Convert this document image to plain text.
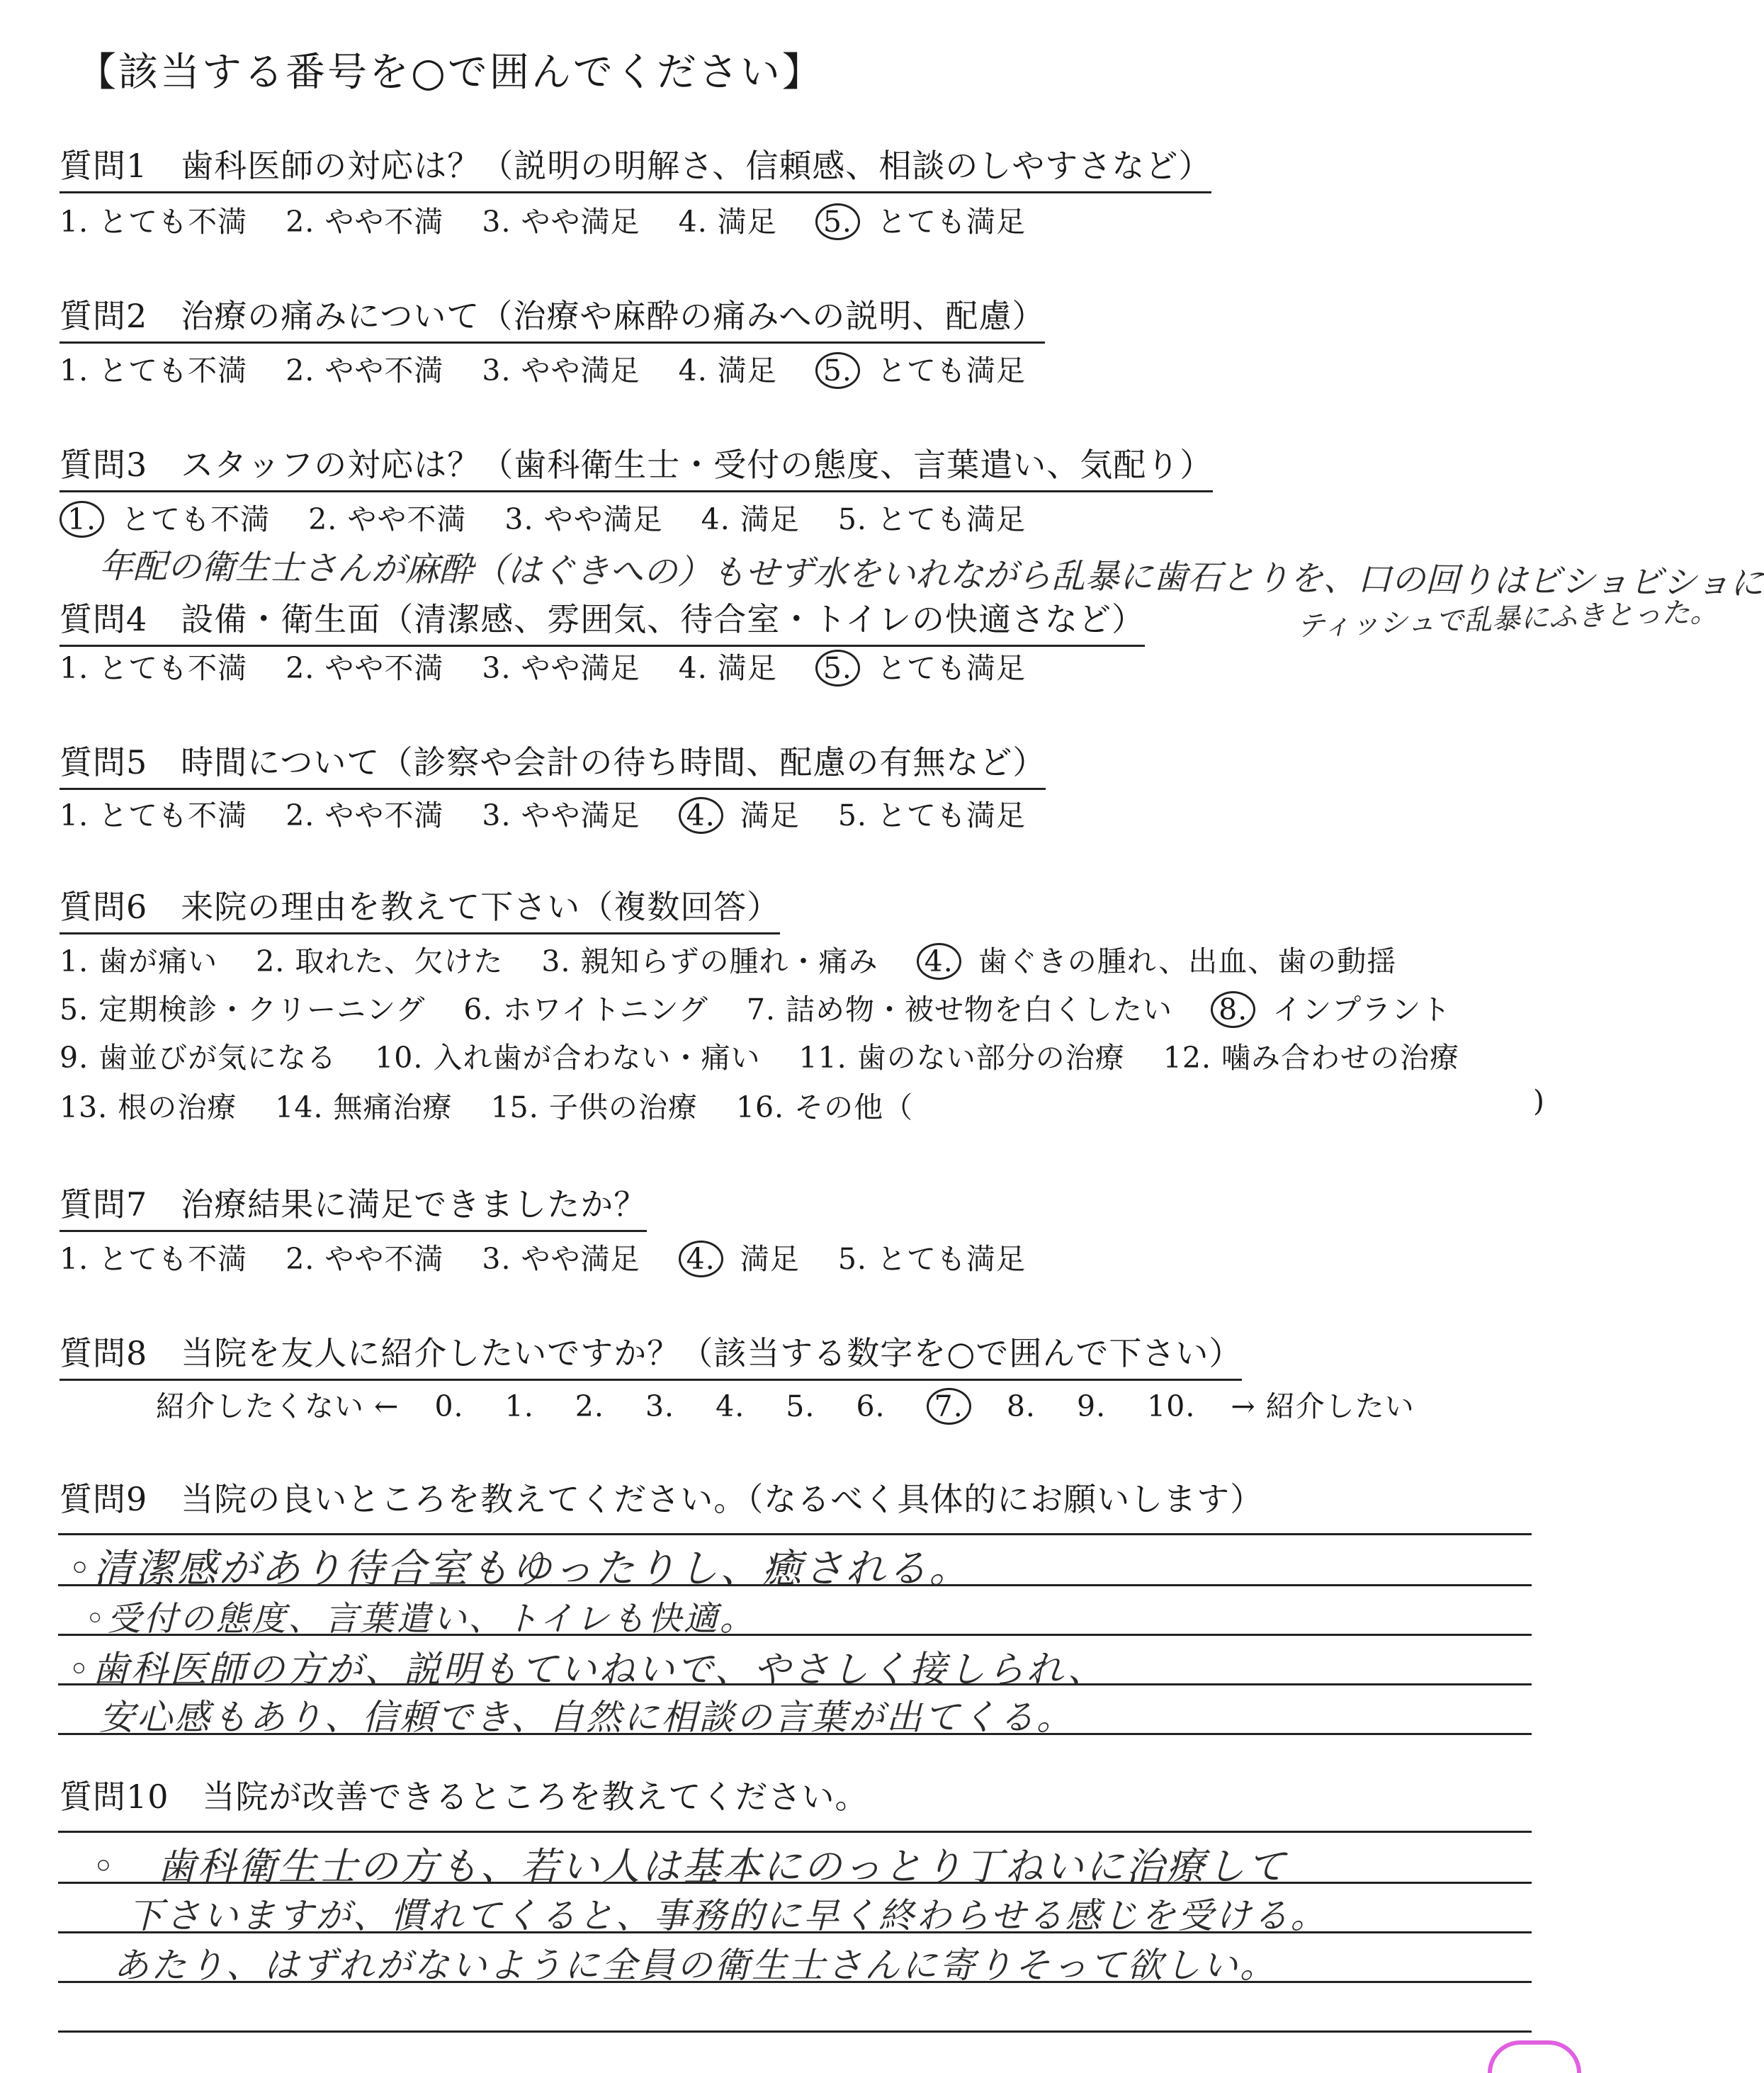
【該当する番号を○で囲んでください】
質問1　歯科医師の対応は？（説明の明解さ、信頼感、相談のしやすさなど）
1. とても不満 2. やや不満 3. やや満足 4. 満足 5. とても満足
質問2　治療の痛みについて（治療や麻酔の痛みへの説明、配慮）
1. とても不満 2. やや不満 3. やや満足 4. 満足 5. とても満足
質問3　スタッフの対応は？（歯科衛生士・受付の態度、言葉遣い、気配り）
1. とても不満 2. やや不満 3. やや満足 4. 満足 5. とても満足
年配の衛生士さんが麻酔（はぐきへの）もせず水をいれながら乱暴に歯石とりを、口の回りはビショビショに
ティッシュで乱暴にふきとった。
質問4　設備・衛生面（清潔感、雰囲気、待合室・トイレの快適さなど）
1. とても不満 2. やや不満 3. やや満足 4. 満足 5. とても満足
質問5　時間について（診察や会計の待ち時間、配慮の有無など）
1. とても不満 2. やや不満 3. やや満足 4. 満足 5. とても満足
質問6　来院の理由を教えて下さい（複数回答）
1. 歯が痛い 2. 取れた、欠けた 3. 親知らずの腫れ・痛み 4. 歯ぐきの腫れ、出血、歯の動揺
5. 定期検診・クリーニング 6. ホワイトニング 7. 詰め物・被せ物を白くしたい 8. インプラント
9. 歯並びが気になる 10. 入れ歯が合わない・痛い 11. 歯のない部分の治療 12. 噛み合わせの治療
13. 根の治療 14. 無痛治療 15. 子供の治療 16. その他（	)
質問7　治療結果に満足できましたか？
1. とても不満 2. やや不満 3. やや満足 4. 満足 5. とても満足
質問8　当院を友人に紹介したいですか？（該当する数字を○で囲んで下さい）
紹介したくない ← 0. 1. 2. 3. 4. 5. 6. 7. 8. 9. 10. → 紹介したい
質問9　当院の良いところを教えてください。（なるべく具体的にお願いします）
◦清潔感があり待合室もゆったりし、癒される。
◦受付の態度、言葉遣い、トイレも快適。
◦歯科医師の方が、説明もていねいで、やさしく接しられ、
安心感もあり、信頼でき、自然に相談の言葉が出てくる。
質問10　当院が改善できるところを教えてください。
◦　歯科衛生士の方も、若い人は基本にのっとり丁ねいに治療して
下さいますが、慣れてくると、事務的に早く終わらせる感じを受ける。
あたり、はずれがないように全員の衛生士さんに寄りそって欲しい。
